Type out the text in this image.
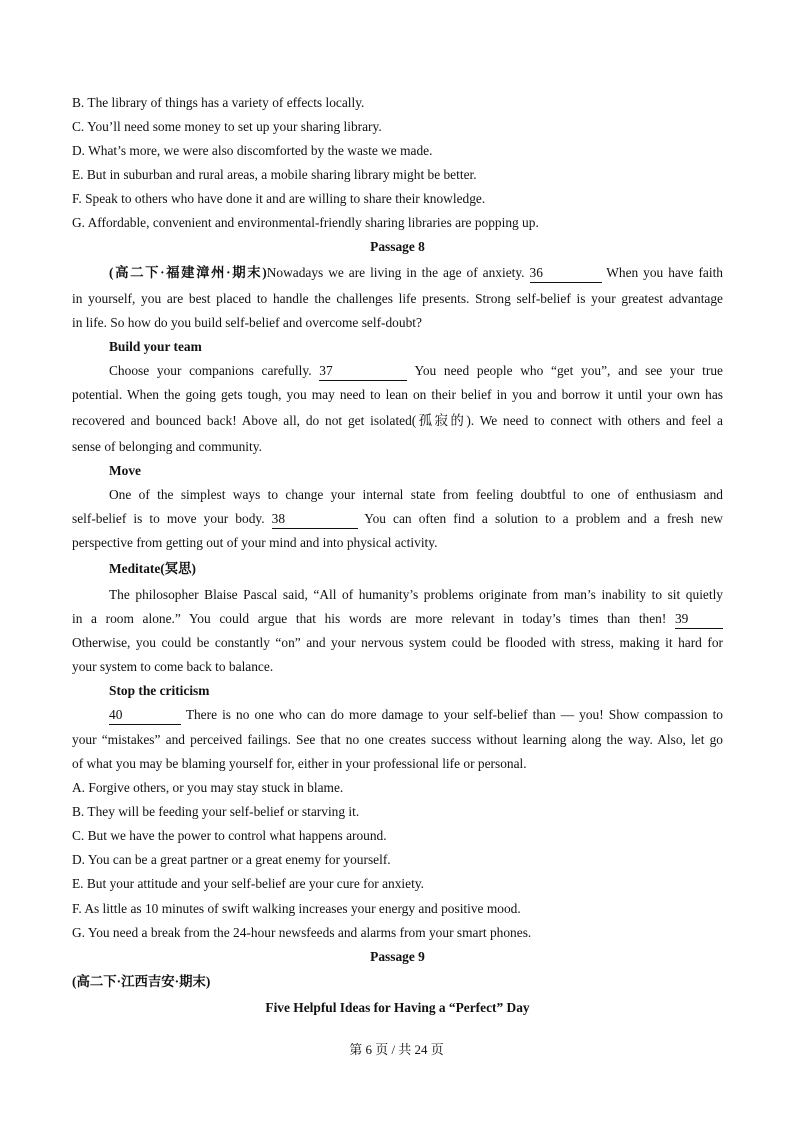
B. The library of things has a variety of effects locally.
C. You’ll need some money to set up your sharing library.
D. What’s more, we were also discomforted by the waste we made.
E. But in suburban and rural areas, a mobile sharing library might be better.
F. Speak to others who have done it and are willing to share their knowledge.
G. Affordable, convenient and environmental-friendly sharing libraries are popping up.
Passage 8
(高二下·福建漳州·期末)Nowadays we are living in the age of anxiety. 36	When you have faith
in yourself, you are best placed to handle the challenges life presents. Strong self-belief is your greatest advantage
in life. So how do you build self-belief and overcome self-doubt?
Build your team
Choose your companions carefully. 37	You need people who “get you”, and see your true
potential. When the going gets tough, you may need to lean on their belief in you and borrow it until your own has
recovered and bounced back! Above all, do not get isolated(孤寂的). We need to connect with others and feel a
sense of belonging and community.
Move
One of the simplest ways to change your internal state from feeling doubtful to one of enthusiasm and
self-belief is to move your body. 38	You can often find a solution to a problem and a fresh new
perspective from getting out of your mind and into physical activity.
Meditate(冥思)
The philosopher Blaise Pascal said, “All of humanity’s problems originate from man’s inability to sit quietly
in a room alone.” You could argue that his words are more relevant in today’s times than then! 39
Otherwise, you could be constantly “on” and your nervous system could be flooded with stress, making it hard for
your system to come back to balance.
Stop the criticism
40	There is no one who can do more damage to your self-belief than — you! Show compassion to
your “mistakes” and perceived failings. See that no one creates success without learning along the way. Also, let go
of what you may be blaming yourself for, either in your professional life or personal.
A. Forgive others, or you may stay stuck in blame.
B. They will be feeding your self-belief or starving it.
C. But we have the power to control what happens around.
D. You can be a great partner or a great enemy for yourself.
E. But your attitude and your self-belief are your cure for anxiety.
F. As little as 10 minutes of swift walking increases your energy and positive mood.
G. You need a break from the 24-hour newsfeeds and alarms from your smart phones.
Passage 9
(高二下·江西吉安·期末)
Five Helpful Ideas for Having a “Perfect” Day
第 6 页 / 共 24 页
